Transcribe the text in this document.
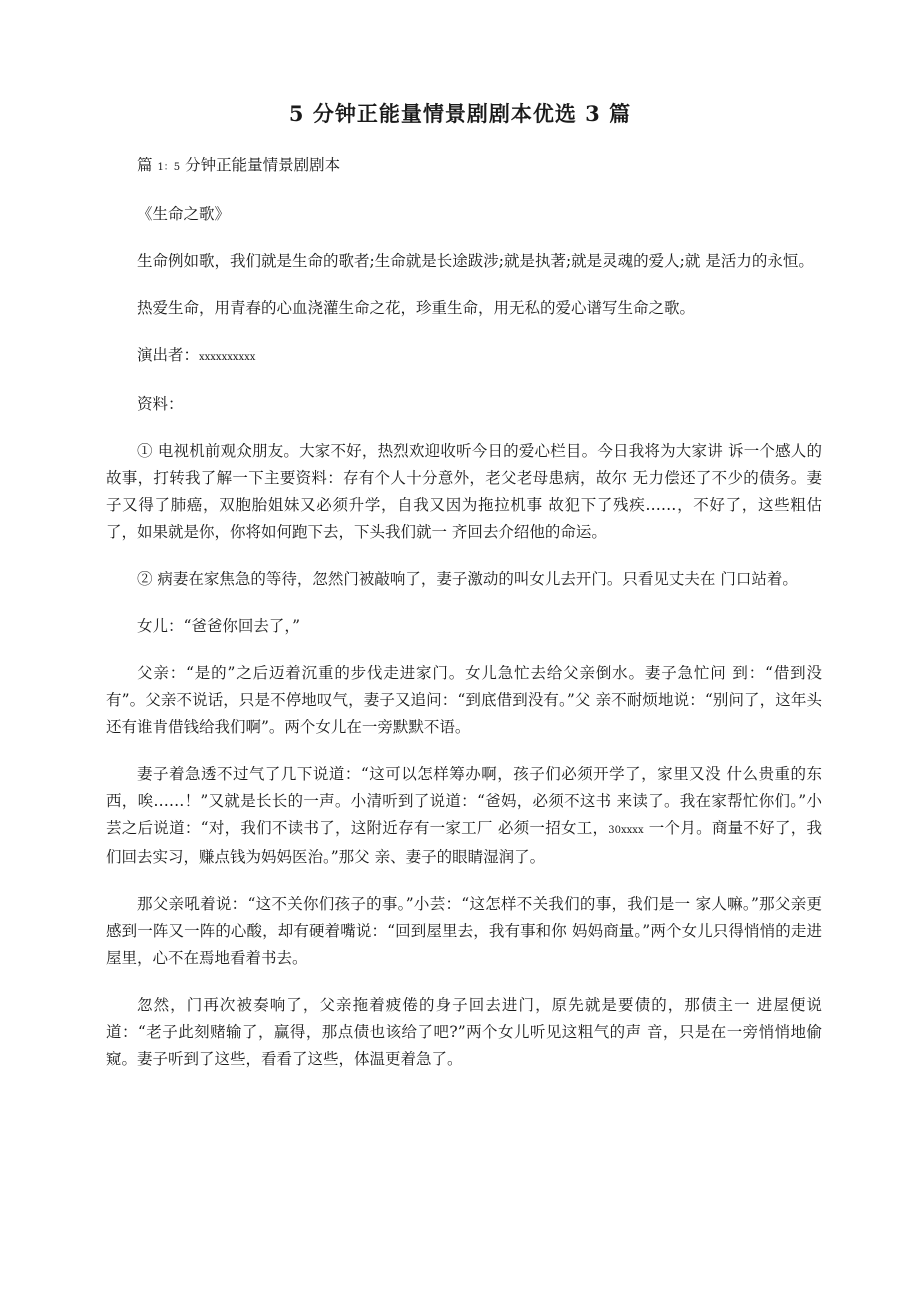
5 分钟正能量情景剧剧本优选 3 篇

篇 1：5 分钟正能量情景剧剧本

《生命之歌》

生命例如歌，我们就是生命的歌者;生命就是长途跋涉;就是执著;就是灵魂的爱人;就 是活力的永恒。

热爱生命，用青春的心血浇灌生命之花，珍重生命，用无私的爱心谱写生命之歌。

演出者：xxxxxxxxxx

资料：

① 电视机前观众朋友。大家不好，热烈欢迎收听今日的爱心栏目。今日我将为大家讲 诉一个感人的故事，打转我了解一下主要资料：存有个人十分意外，老父老母患病，故尔 无力偿还了不少的债务。妻子又得了肺癌，双胞胎姐妹又必须升学，自我又因为拖拉机事 故犯下了残疾……，不好了，这些粗估了，如果就是你，你将如何跑下去，下头我们就一 齐回去介绍他的命运。

② 病妻在家焦急的等待，忽然门被敲响了，妻子激动的叫女儿去开门。只看见丈夫在 门口站着。

女儿：“爸爸你回去了，”

父亲：“是的”之后迈着沉重的步伐走进家门。女儿急忙去给父亲倒水。妻子急忙问 到：“借到没有”。父亲不说话，只是不停地叹气，妻子又追问：“到底借到没有。”父 亲不耐烦地说：“别问了，这年头还有谁肯借钱给我们啊”。两个女儿在一旁默默不语。

妻子着急透不过气了几下说道：“这可以怎样筹办啊，孩子们必须开学了，家里又没 什么贵重的东西，唉……！”又就是长长的一声。小清听到了说道：“爸妈，必须不这书 来读了。我在家帮忙你们。”小芸之后说道：“对，我们不读书了，这附近存有一家工厂 必须一招女工，30xxxx 一个月。商量不好了，我们回去实习，赚点钱为妈妈医治。”那父 亲、妻子的眼睛湿润了。

那父亲吼着说：“这不关你们孩子的事。”小芸：“这怎样不关我们的事，我们是一 家人嘛。”那父亲更感到一阵又一阵的心酸，却有硬着嘴说：“回到屋里去，我有事和你 妈妈商量。”两个女儿只得悄悄的走进屋里，心不在焉地看着书去。

忽然，门再次被奏响了，父亲拖着疲倦的身子回去进门，原先就是要债的，那债主一 进屋便说道：“老子此刻赌输了，赢得，那点债也该给了吧?”两个女儿听见这粗气的声 音，只是在一旁悄悄地偷窥。妻子听到了这些，看看了这些，体温更着急了。
